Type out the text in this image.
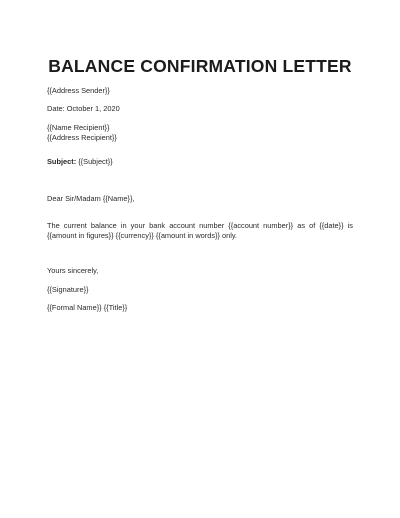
BALANCE CONFIRMATION LETTER
{{Address Sender}}
Date: October 1, 2020
{{Name Recipient}}
{{Address Recipient}}
Subject: {{Subject}}
Dear Sir/Madam {{Name}},
The current balance in your bank account number {{account number}} as of {{date}} is {{amount in figures}} {{currency}} {{amount in words}} only.
Yours sincerely,
{{Signature}}
{{Formal Name}} {{Title}}
